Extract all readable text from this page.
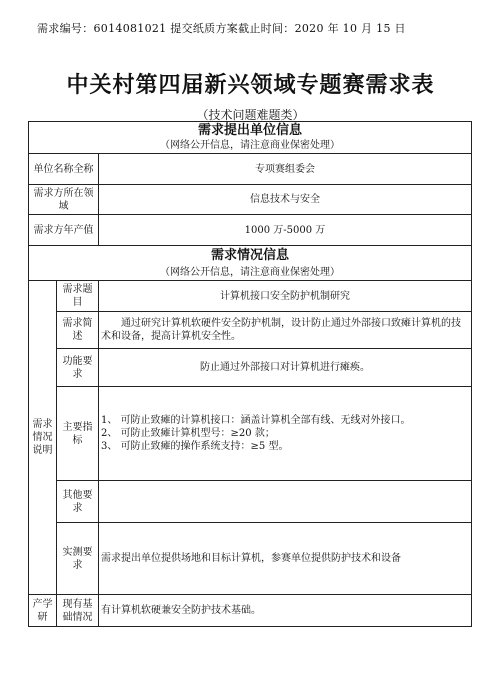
需求编号：6014081021 提交纸质方案截止时间：2020 年 10 月 15 日
中关村第四届新兴领域专题赛需求表
（技术问题难题类）
需求提出单位信息		
（网络公开信息，请注意商业保密处理）		
单位名称全称		专项赛组委会
需求方所在领域		信息技术与安全
需求方年产值		1000 万-5000 万
需求情况信息		
（网络公开信息，请注意商业保密处理）		
需求情况说明	需求题目	计算机接口安全防护机制研究
	需求简述	通过研究计算机软硬件安全防护机制，设计防止通过外部接口致瘫计算机的技术和设备，提高计算机安全性。
	功能要求	防止通过外部接口对计算机进行瘫痪。
	主要指标	1、 可防止致瘫的计算机接口：涵盖计算机全部有线、无线对外接口。
2、 可防止致瘫计算机型号：≥20 款；
3、 可防止致瘫的操作系统支持：≥5 型。

	其他要求	
	实测要求	需求提出单位提供场地和目标计算机，参赛单位提供防护技术和设备
产学研	现有基础情况	有计算机软硬兼安全防护技术基础。
